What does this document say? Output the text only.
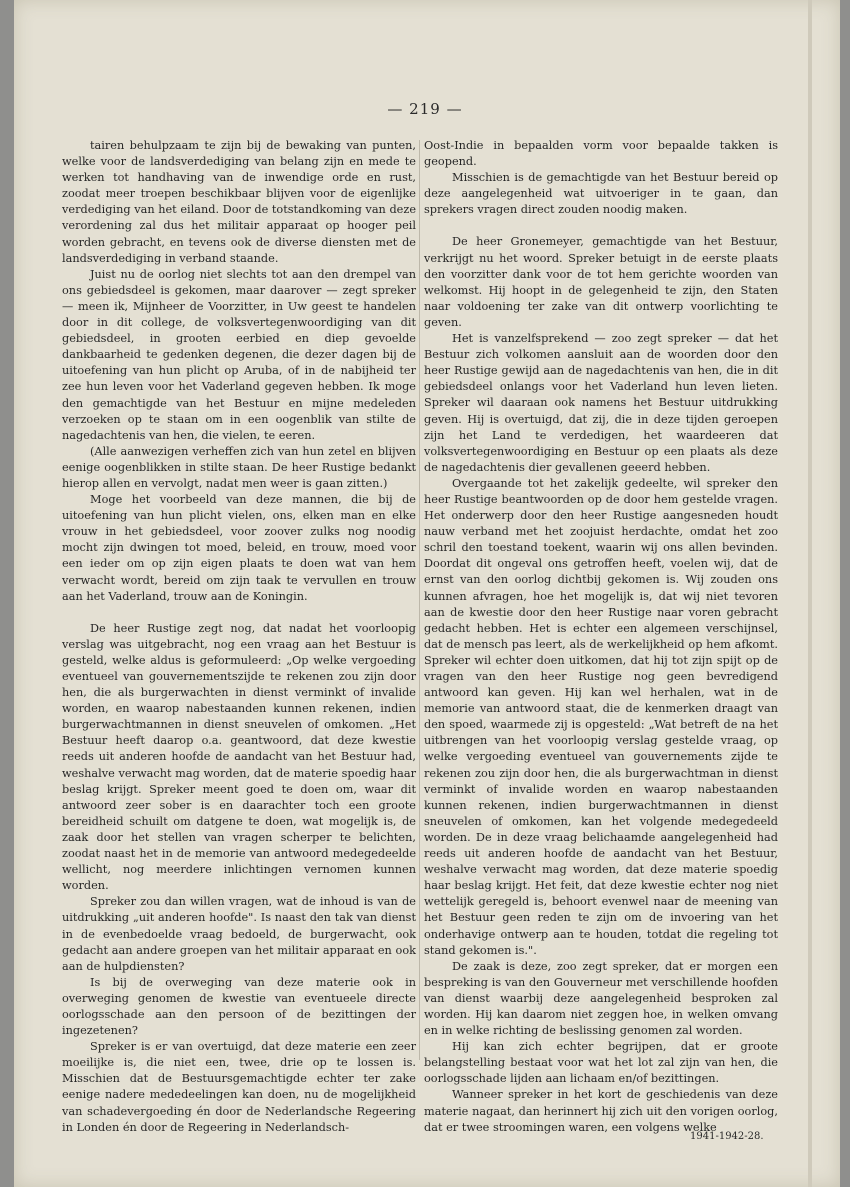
— 219 —

tairen behulpzaam te zijn bij de bewaking van punten, welke voor de landsverdediging van belang zijn en mede te werken tot handhaving van de inwendige orde en rust, zoodat meer troepen beschikbaar blijven voor de eigenlijke verdediging van het eiland. Door de totstandkoming van deze verordening zal dus het militair apparaat op hooger peil worden gebracht, en tevens ook de diverse diensten met de landsverdediging in verband staande.

Juist nu de oorlog niet slechts tot aan den drempel van ons gebiedsdeel is gekomen, maar daarover — zegt spreker — meen ik, Mijnheer de Voorzitter, in Uw geest te handelen door in dit college, de volksvertegenwoordiging van dit gebiedsdeel, in grooten eerbied en diep gevoelde dankbaarheid te gedenken degenen, die dezer dagen bij de uitoefening van hun plicht op Aruba, of in de nabijheid ter zee hun leven voor het Vaderland gegeven hebben. Ik moge den gemachtigde van het Bestuur en mijne medeleden verzoeken op te staan om in een oogenblik van stilte de nagedachtenis van hen, die vielen, te eeren.

(Alle aanwezigen verheffen zich van hun zetel en blijven eenige oogenblikken in stilte staan. De heer Rustige bedankt hierop allen en vervolgt, nadat men weer is gaan zitten.)

Moge het voorbeeld van deze mannen, die bij de uitoefening van hun plicht vielen, ons, elken man en elke vrouw in het gebiedsdeel, voor zoover zulks nog noodig mocht zijn dwingen tot moed, beleid, en trouw, moed voor een ieder om op zijn eigen plaats te doen wat van hem verwacht wordt, bereid om zijn taak te vervullen en trouw aan het Vaderland, trouw aan de Koningin.

De heer Rustige zegt nog, dat nadat het voorloopig verslag was uitgebracht, nog een vraag aan het Bestuur is gesteld, welke aldus is geformuleerd: „Op welke vergoeding eventueel van gouvernementszijde te rekenen zou zijn door hen, die als burgerwachten in dienst verminkt of invalide worden, en waarop nabestaanden kunnen rekenen, indien burgerwachtmannen in dienst sneuvelen of omkomen. „Het Bestuur heeft daarop o.a. geantwoord, dat deze kwestie reeds uit anderen hoofde de aandacht van het Bestuur had, weshalve verwacht mag worden, dat de materie spoedig haar beslag krijgt. Spreker meent goed te doen om, waar dit antwoord zeer sober is en daarachter toch een groote bereidheid schuilt om datgene te doen, wat mogelijk is, de zaak door het stellen van vragen scherper te belichten, zoodat naast het in de memorie van antwoord medegedeelde wellicht, nog meerdere inlichtingen vernomen kunnen worden.

Spreker zou dan willen vragen, wat de inhoud is van de uitdrukking „uit anderen hoofde". Is naast den tak van dienst in de evenbedoelde vraag bedoeld, de burgerwacht, ook gedacht aan andere groepen van het militair apparaat en ook aan de hulpdiensten?

Is bij de overweging van deze materie ook in overweging genomen de kwestie van eventueele directe oorlogsschade aan den persoon of de bezittingen der ingezetenen?

Spreker is er van overtuigd, dat deze materie een zeer moeilijke is, die niet een, twee, drie op te lossen is. Misschien dat de Bestuursgemachtigde echter ter zake eenige nadere mededeelingen kan doen, nu de mogelijkheid van schadevergoeding én door de Nederlandsche Regeering in Londen én door de Regeering in Nederlandsch-

Oost-Indie in bepaalden vorm voor bepaalde takken is geopend.

Misschien is de gemachtigde van het Bestuur bereid op deze aangelegenheid wat uitvoeriger in te gaan, dan sprekers vragen direct zouden noodig maken.

De heer Gronemeyer, gemachtigde van het Bestuur, verkrijgt nu het woord. Spreker betuigt in de eerste plaats den voorzitter dank voor de tot hem gerichte woorden van welkomst. Hij hoopt in de gelegenheid te zijn, den Staten naar voldoening ter zake van dit ontwerp voorlichting te geven.

Het is vanzelfsprekend — zoo zegt spreker — dat het Bestuur zich volkomen aansluit aan de woorden door den heer Rustige gewijd aan de nagedachtenis van hen, die in dit gebiedsdeel onlangs voor het Vaderland hun leven lieten. Spreker wil daaraan ook namens het Bestuur uitdrukking geven. Hij is overtuigd, dat zij, die in deze tijden geroepen zijn het Land te verdedigen, het waardeeren dat volksvertegenwoordiging en Bestuur op een plaats als deze de nagedachtenis dier gevallenen geeerd hebben.

Overgaande tot het zakelijk gedeelte, wil spreker den heer Rustige beantwoorden op de door hem gestelde vragen. Het onderwerp door den heer Rustige aangesneden houdt nauw verband met het zoojuist herdachte, omdat het zoo schril den toestand toekent, waarin wij ons allen bevinden. Doordat dit ongeval ons getroffen heeft, voelen wij, dat de ernst van den oorlog dichtbij gekomen is. Wij zouden ons kunnen afvragen, hoe het mogelijk is, dat wij niet tevoren aan de kwestie door den heer Rustige naar voren gebracht gedacht hebben. Het is echter een algemeen verschijnsel, dat de mensch pas leert, als de werkelijkheid op hem afkomt. Spreker wil echter doen uitkomen, dat hij tot zijn spijt op de vragen van den heer Rustige nog geen bevredigend antwoord kan geven. Hij kan wel herhalen, wat in de memorie van antwoord staat, die de kenmerken draagt van den spoed, waarmede zij is opgesteld: „Wat betreft de na het uitbrengen van het voorloopig verslag gestelde vraag, op welke vergoeding eventueel van gouvernements zijde te rekenen zou zijn door hen, die als burgerwachtman in dienst verminkt of invalide worden en waarop nabestaanden kunnen rekenen, indien burgerwachtmannen in dienst sneuvelen of omkomen, kan het volgende medegedeeld worden. De in deze vraag belichaamde aangelegenheid had reeds uit anderen hoofde de aandacht van het Bestuur, weshalve verwacht mag worden, dat deze materie spoedig haar beslag krijgt. Het feit, dat deze kwestie echter nog niet wettelijk geregeld is, behoort evenwel naar de meening van het Bestuur geen reden te zijn om de invoering van het onderhavige ontwerp aan te houden, totdat die regeling tot stand gekomen is.".

De zaak is deze, zoo zegt spreker, dat er morgen een bespreking is van den Gouverneur met verschillende hoofden van dienst waarbij deze aangelegenheid besproken zal worden. Hij kan daarom niet zeggen hoe, in welken omvang en in welke richting de beslissing genomen zal worden.

Hij kan zich echter begrijpen, dat er groote belangstelling bestaat voor wat het lot zal zijn van hen, die oorlogsschade lijden aan lichaam en/of bezittingen.

Wanneer spreker in het kort de geschiedenis van deze materie nagaat, dan herinnert hij zich uit den vorigen oorlog, dat er twee stroomingen waren, een volgens welke

1941-1942-28.
